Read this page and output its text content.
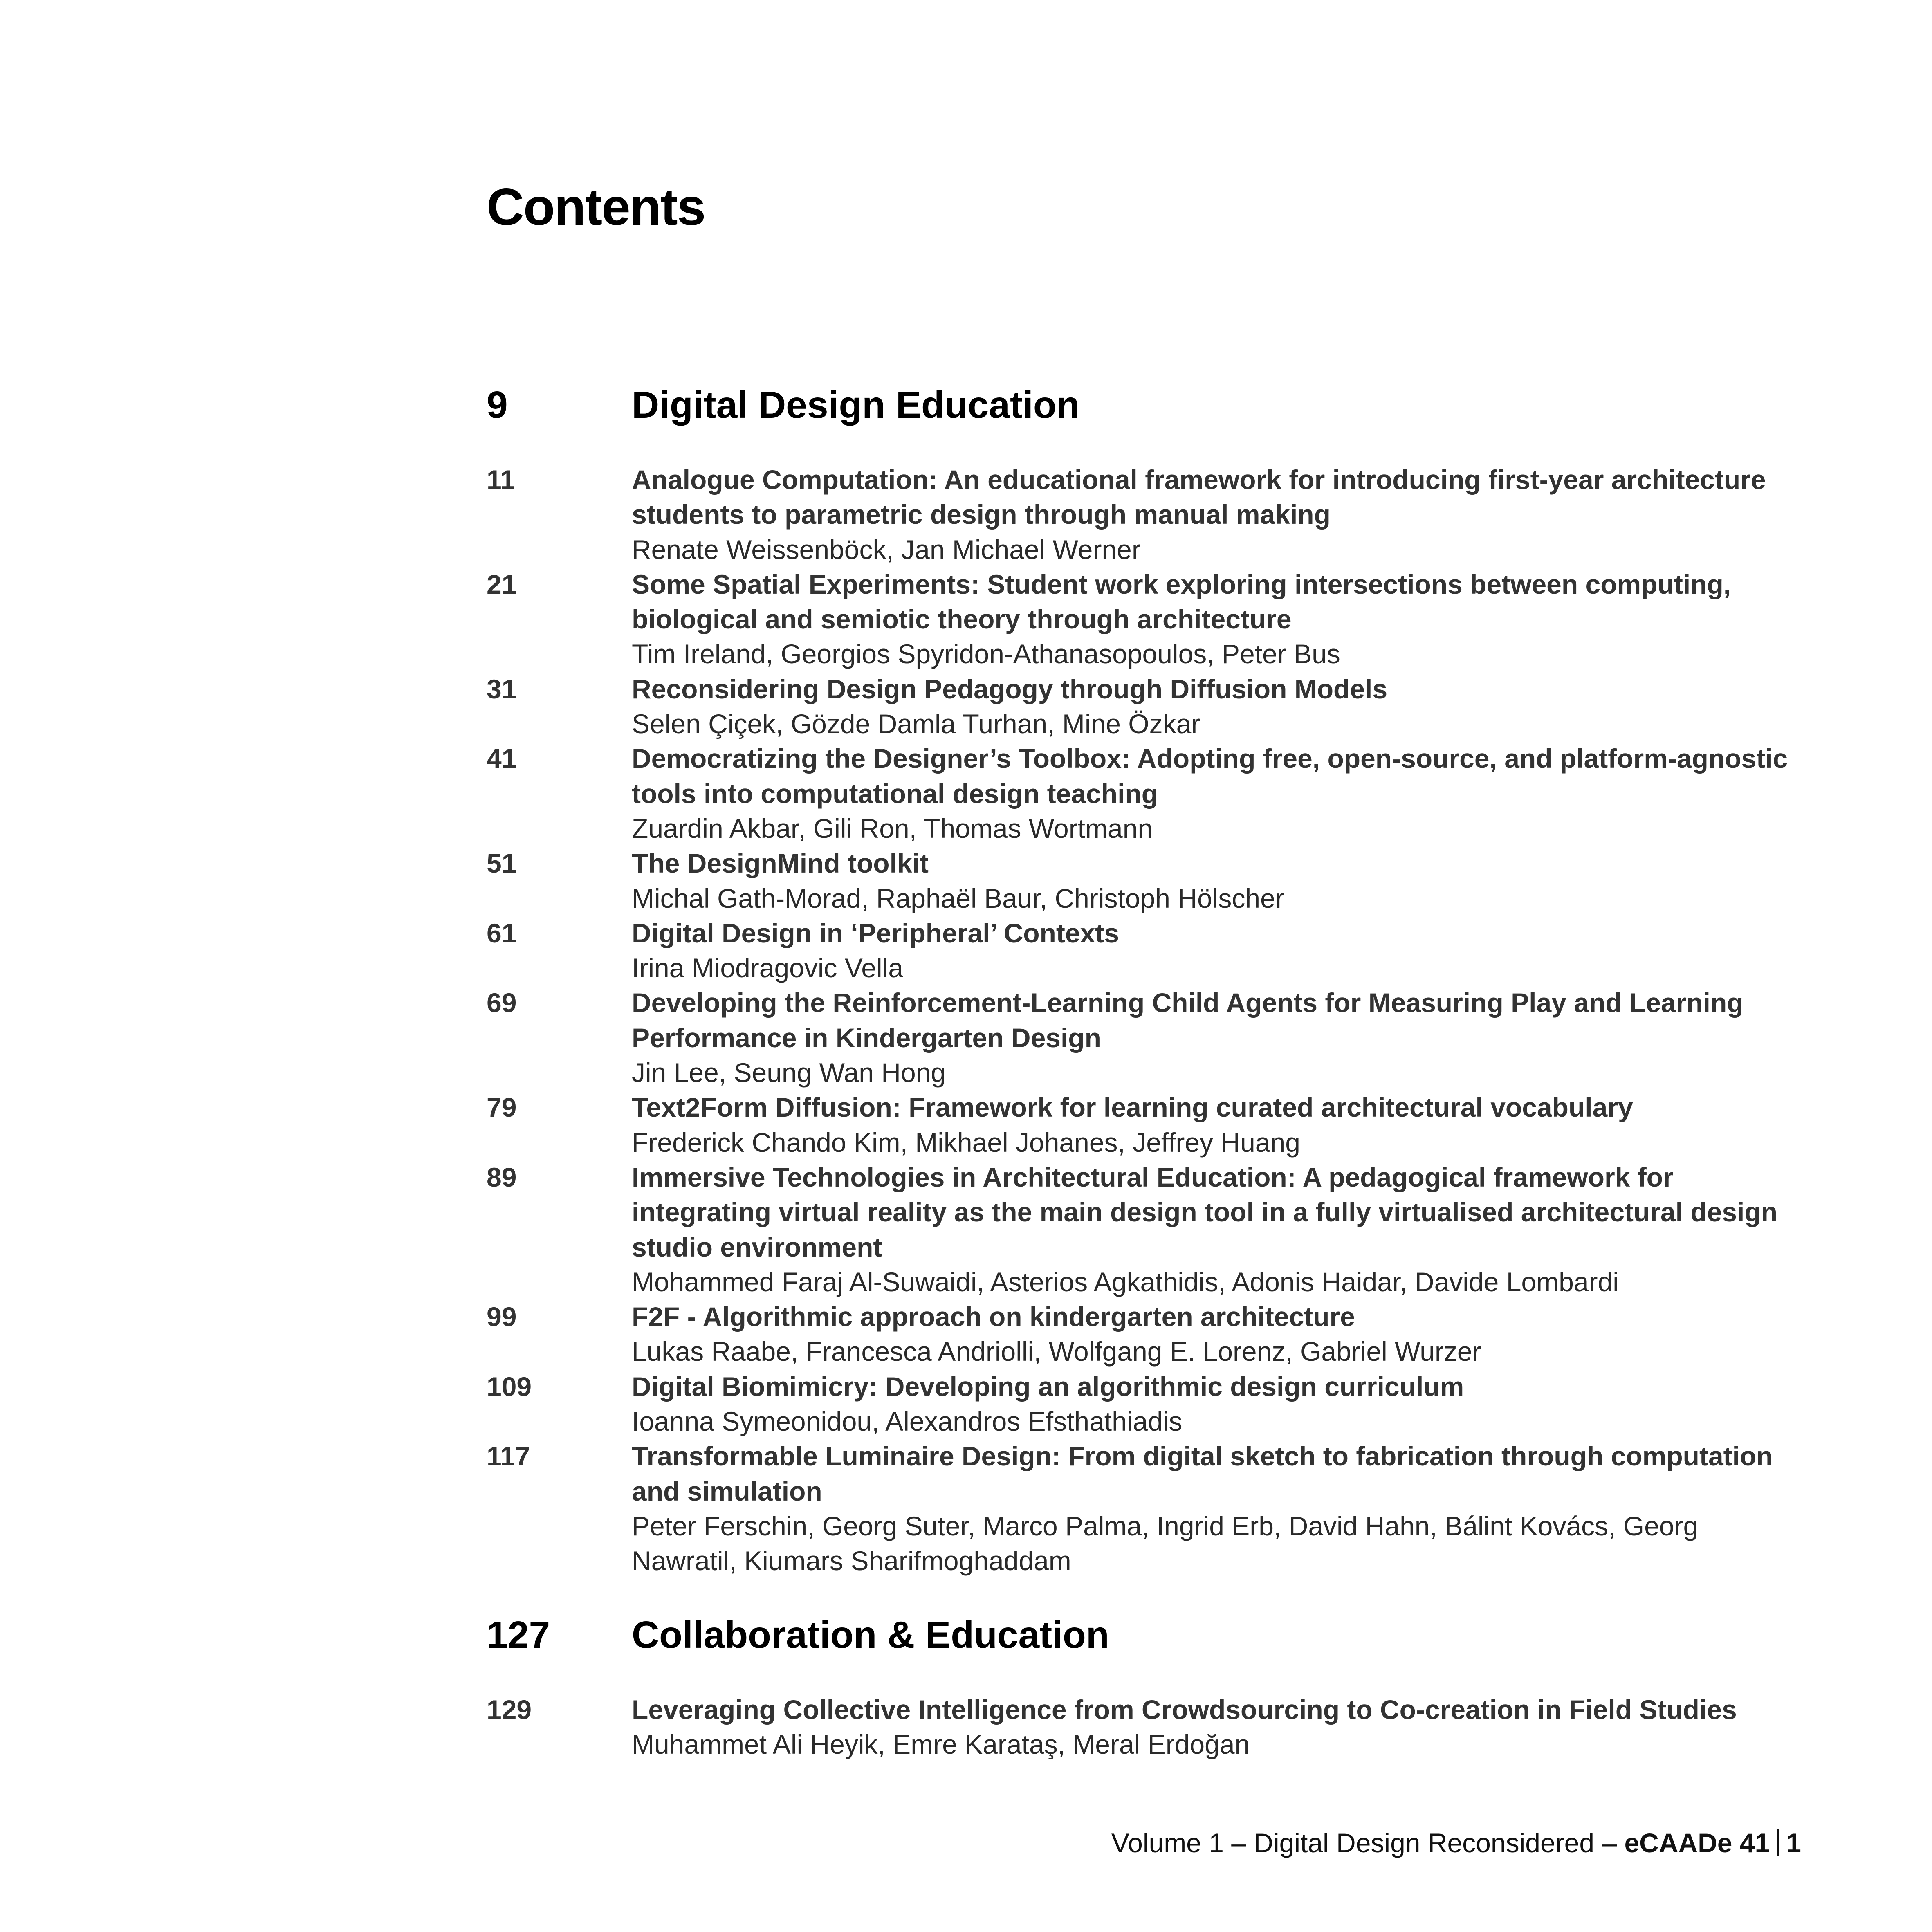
Contents
9	Digital Design Education
11	Analogue Computation: An educational framework for introducing first-year architecture students to parametric design through manual making
Renate Weissenböck, Jan Michael Werner
21	Some Spatial Experiments: Student work exploring intersections between computing, biological and semiotic theory through architecture
Tim Ireland, Georgios Spyridon-Athanasopoulos, Peter Bus
31	Reconsidering Design Pedagogy through Diffusion Models
Selen Çiçek, Gözde Damla Turhan, Mine Özkar
41	Democratizing the Designer’s Toolbox: Adopting free, open-source, and platform-agnostic tools into computational design teaching
Zuardin Akbar, Gili Ron, Thomas Wortmann
51	The DesignMind toolkit
Michal Gath-Morad, Raphaël Baur, Christoph Hölscher
61	Digital Design in ‘Peripheral’ Contexts
Irina Miodragovic Vella
69	Developing the Reinforcement-Learning Child Agents for Measuring Play and Learning Performance in Kindergarten Design
Jin Lee, Seung Wan Hong
79	Text2Form Diffusion: Framework for learning curated architectural vocabulary
Frederick Chando Kim, Mikhael Johanes, Jeffrey Huang
89	Immersive Technologies in Architectural Education: A pedagogical framework for integrating virtual reality as the main design tool in a fully virtualised architectural design studio environment
Mohammed Faraj Al-Suwaidi, Asterios Agkathidis, Adonis Haidar, Davide Lombardi
99	F2F - Algorithmic approach on kindergarten architecture
Lukas Raabe, Francesca Andriolli, Wolfgang E. Lorenz, Gabriel Wurzer
109	Digital Biomimicry: Developing an algorithmic design curriculum
Ioanna Symeonidou, Alexandros Efsthathiadis
117	Transformable Luminaire Design: From digital sketch to fabrication through computation and simulation
Peter Ferschin, Georg Suter, Marco Palma, Ingrid Erb, David Hahn, Bálint Kovács, Georg Nawratil, Kiumars Sharifmoghaddam
127	Collaboration & Education
129	Leveraging Collective Intelligence from Crowdsourcing to Co-creation in Field Studies
Muhammet Ali Heyik, Emre Karataş, Meral Erdoğan
Volume 1 – Digital Design Reconsidered – eCAADe 41 1
